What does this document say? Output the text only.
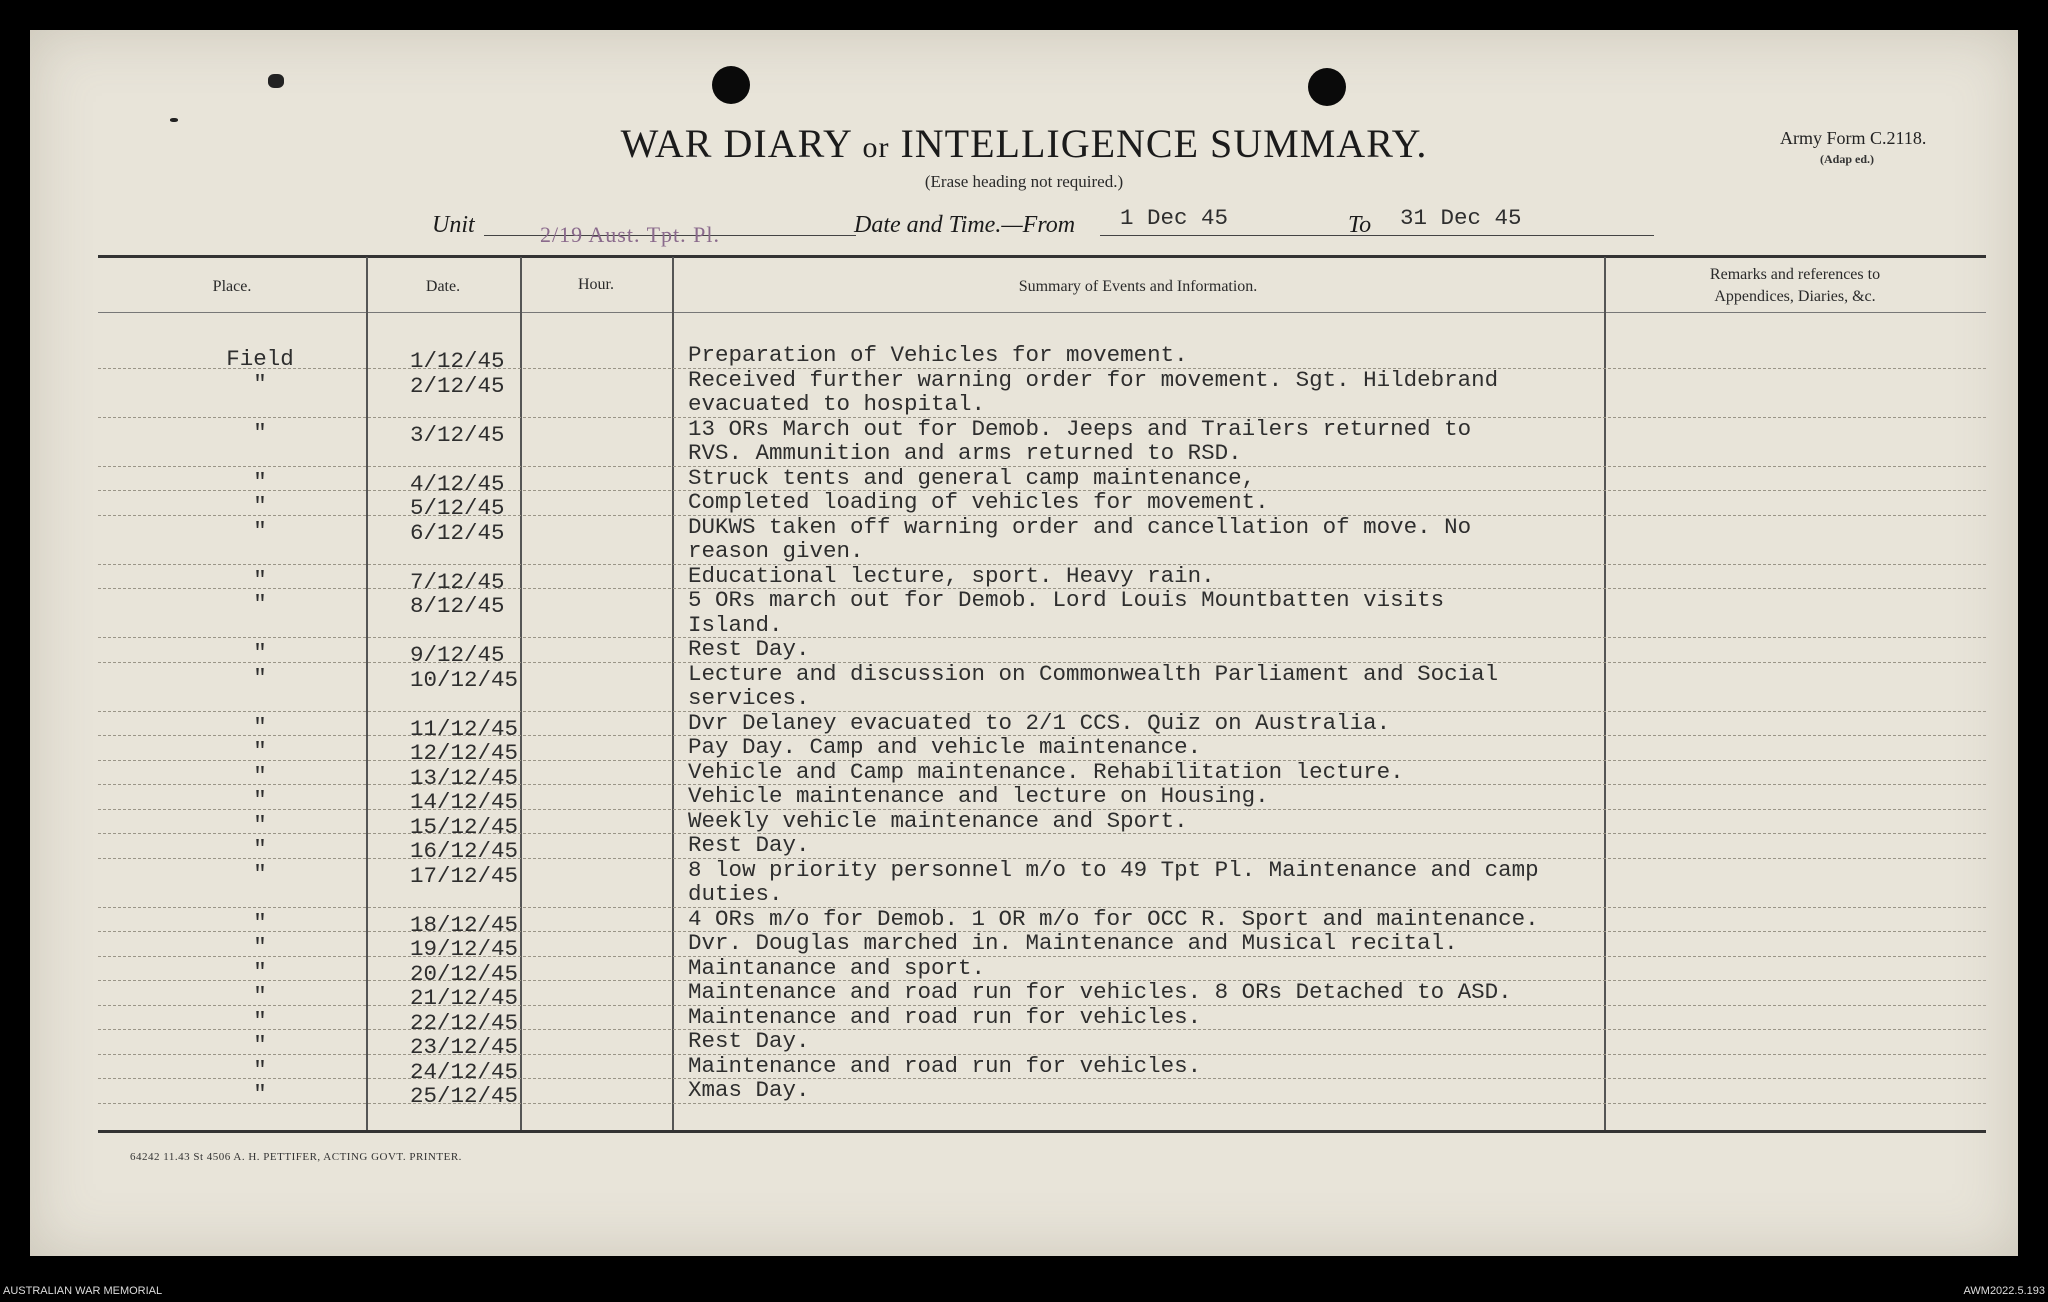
WAR DIARY or INTELLIGENCE SUMMARY.
(Erase heading not required.)
Army Form C.2118.
(Adap ed.)
Unit	2/19 Aust. Tpt. Pl.	Date and Time.—From 1 Dec 45	To 31 Dec 45
Place.	Date.	Hour.	Summary of Events and Information.
Remarks and references to
Appendices, Diaries, &c.
Field	1/12/45	Preparation of Vehicles for movement.
"	2/12/45	Received further warning order for movement. Sgt. Hildebrand
evacuated to hospital.
"	3/12/45	13 ORs March out for Demob. Jeeps and Trailers returned to
RVS. Ammunition and arms returned to RSD.
"	4/12/45	Struck tents and general camp maintenance,
"	5/12/45	Completed loading of vehicles for movement.
"	6/12/45	DUKWS taken off warning order and cancellation of move. No
reason given.
"	7/12/45	Educational lecture, sport. Heavy rain.
"	8/12/45	5 ORs march out for Demob. Lord Louis Mountbatten visits
Island.
"	9/12/45	Rest Day.
"	10/12/45	Lecture and discussion on Commonwealth Parliament and Social
services.
"	11/12/45	Dvr Delaney evacuated to 2/1 CCS. Quiz on Australia.
"	12/12/45	Pay Day. Camp and vehicle maintenance.
"	13/12/45	Vehicle and Camp maintenance. Rehabilitation lecture.
"	14/12/45	Vehicle maintenance and lecture on Housing.
"	15/12/45	Weekly vehicle maintenance and Sport.
"	16/12/45	Rest Day.
"	17/12/45	8 low priority personnel m/o to 49 Tpt Pl. Maintenance and camp
duties.
"	18/12/45	4 ORs m/o for Demob. 1 OR m/o for OCC R. Sport and maintenance.
"	19/12/45	Dvr. Douglas marched in. Maintenance and Musical recital.
"	20/12/45	Maintanance and sport.
"	21/12/45	Maintenance and road run for vehicles. 8 ORs Detached to ASD.
"	22/12/45	Maintenance and road run for vehicles.
"	23/12/45	Rest Day.
"	24/12/45	Maintenance and road run for vehicles.
"	25/12/45	Xmas Day.
64242 11.43 St 4506 A. H. PETTIFER, ACTING GOVT. PRINTER.
AUSTRALIAN WAR MEMORIAL	AWM2022.5.193
